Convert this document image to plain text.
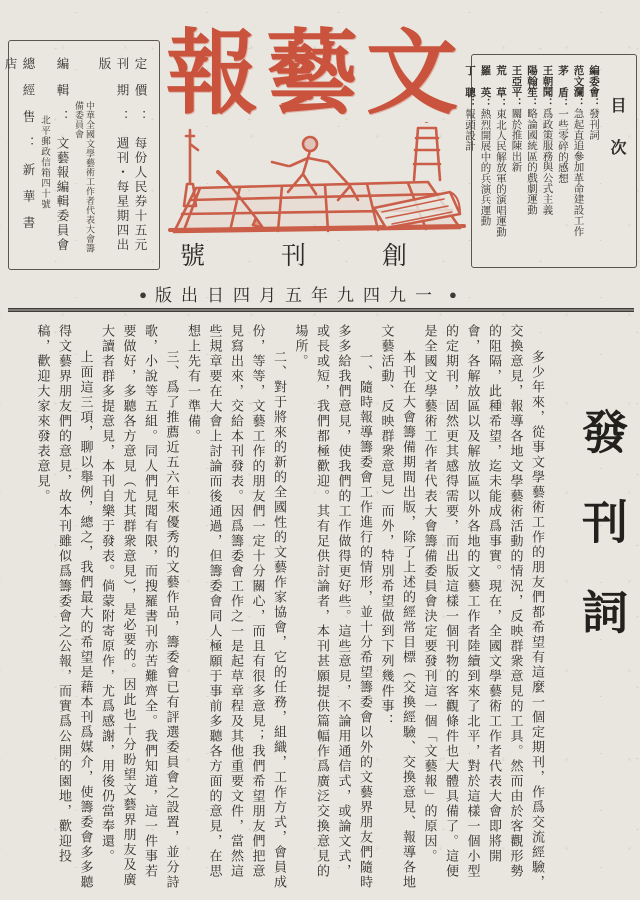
定價：每份人民券十五元
刊期：週刊・每星期四出版
中華全國文學藝術工作者代表大會籌備委員會
編輯：文藝報編輯委員會
北平郵政信箱四十號
總經售：新華書店 報藝文
目次
編委會：發刊詞
范文瀾：急起直追參加革命建設工作
茅 盾：一些零碎的感想
王朝聞：爲政策服務與公式主義
陽翰笙：略論國統區的戲劇運動
王亞平：關於推陳出新
荒 草：東北人民解放軍的演唱運動
羅 英：熱烈開展中的兵演兵運動
丁 聰：報頭設計
號刊創
● 版出日四月五年九四九一 ●

多少年來，從事文學藝術工作的朋友們都希望有這麼一個定期刊，作爲交流經驗，交換意見，報導各地文學藝術活動的情況，反映群衆意見的工具。然而由於客觀形勢的阻隔，此種希望，迄未能成爲事實。現在，全國文學藝術工作者代表大會即將開會，各解放區以及解放區以外各地的文藝工作者陸續到來了北平，對於這樣一個小型的定期刊，固然更其感得需要，而出版這樣一個刊物的客觀條件也大體具備了。這便是全國文學藝術工作者代表大會籌備委員會決定要發刊這一個「文藝報」的原因。

本刊在大會籌備期間出版，除了上述的經常目標（交換經驗、交換意見、報導各地文藝活動、反映群衆意見）而外，特別希望做到下列幾件事：

一、隨時報導籌委會工作進行的情形，並十分希望籌委會以外的文藝界朋友們隨時多多給我們意見，使我們的工作做得更好些。這些意見，不論用通信式，或論文式，或長或短，我們都極歡迎。其有足供討論者，本刊甚願提供篇幅作爲廣泛交換意見的場所。

二、對于將來的新的全國性的文藝作家協會，它的任務，組織，工作方式，會員成份，等等，文藝工作的朋友們一定十分關心，而且有很多意見；我們希望朋友們把意見寫出來，交給本刊發表。因爲籌委會工作之一是起草章程及其他重要文件，當然這些規章要在大會上討論而後通過，但籌委會同人極願于事前多聽各方面的意見，在思想上先有一準備。

三、爲了推薦近五六年來優秀的文藝作品，籌委會已有評選委員會之設置，並分詩歌，小說等五組。同人們見聞有限，而搜羅書刊亦苦難齊全。我們知道，這一件事若要做好，多聽各方意見（尤其群衆意見），是必要的。因此也十分盼望文藝界朋友及廣大讀者群多提意見，本刊自樂于發表。倘蒙附寄原作，尤爲感謝，用後仍當奉還。

上面這三項，聊以舉例，總之，我們最大的希望是藉本刊爲媒介，使籌委會多多聽得文藝界朋友們的意見，故本刊雖似爲籌委會之公報，而實爲公開的園地，歡迎投稿，歡迎大家來發表意見。	發刊詞
